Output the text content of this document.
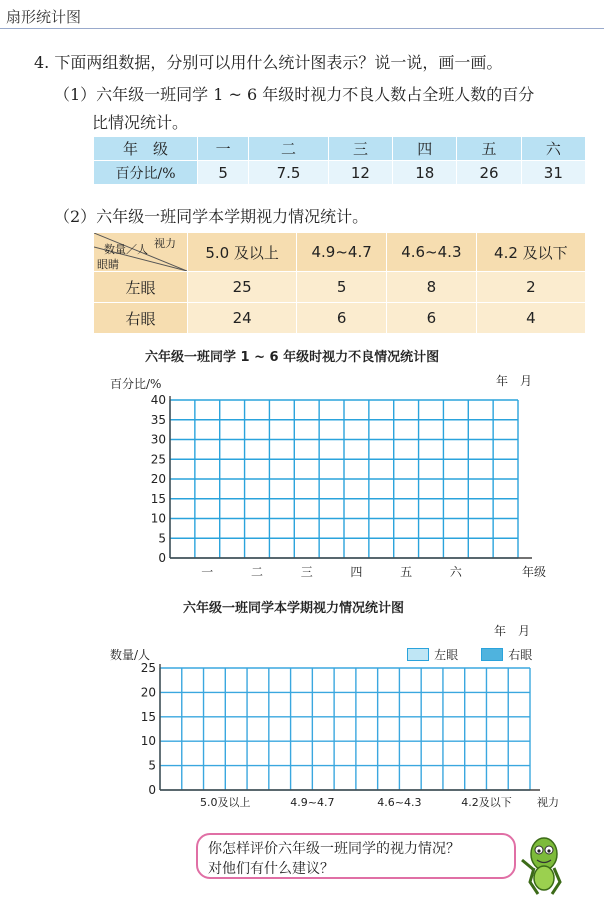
扇形统计图
4. 下面两组数据，分别可以用什么统计图表示？说一说，画一画。
（1）六年级一班同学 1 ~ 6 年级时视力不良人数占全班人数的百分
比情况统计。
年　级	一	二	三	四	五	六
百分比/%	5	7.5	12	18	26	31
（2）六年级一班同学本学期视力情况统计。
视力
数量／人
眼睛	5.0 及以上	4.9~4.7	4.6~4.3	4.2 及以下
左眼	25	5	8	2
右眼	24	6	6	4
六年级一班同学 1 ~ 6 年级时视力不良情况统计图
百分比/%	年　月
0
5
10
15
20
25
30
35
40
一	二	三	四	五	六	年级
六年级一班同学本学期视力情况统计图
年　月
数量/人	左眼	右眼
0
5
10
15
20
25
5.0及以上	4.9~4.7	4.6~4.3	4.2及以下 视力
你怎样评价六年级一班同学的视力情况？
对他们有什么建议？
